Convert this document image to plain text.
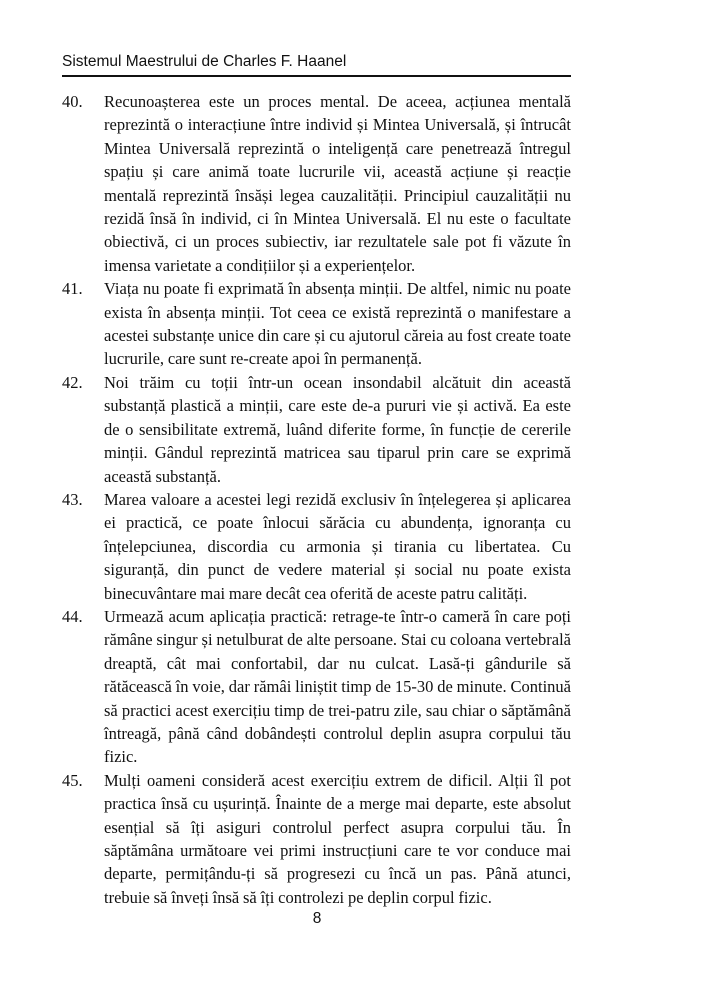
Sistemul Maestrului de Charles F. Haanel
40.	Recunoașterea este un proces mental. De aceea, acțiunea mentală reprezintă o interacțiune între individ și Mintea Universală, și întrucât Mintea Universală reprezintă o inteligență care penetrează întregul spațiu și care animă toate lucrurile vii, această acțiune și reacție mentală reprezintă însăși legea cauzalității. Principiul cauzalității nu rezidă însă în individ, ci în Mintea Universală. El nu este o facultate obiectivă, ci un proces subiectiv, iar rezultatele sale pot fi văzute în imensa varietate a condițiilor și a experiențelor.
41.	Viața nu poate fi exprimată în absența minții. De altfel, nimic nu poate exista în absența minții. Tot ceea ce există reprezintă o manifestare a acestei substanțe unice din care și cu ajutorul căreia au fost create toate lucrurile, care sunt re-create apoi în permanență.
42.	Noi trăim cu toții într-un ocean insondabil alcătuit din această substanță plastică a minții, care este de-a pururi vie și activă. Ea este de o sensibilitate extremă, luând diferite forme, în funcție de cererile minții. Gândul reprezintă matricea sau tiparul prin care se exprimă această substanță.
43.	Marea valoare a acestei legi rezidă exclusiv în înțelegerea și aplicarea ei practică, ce poate înlocui sărăcia cu abundența, ignoranța cu înțelepciunea, discordia cu armonia și tirania cu libertatea. Cu siguranță, din punct de vedere material și social nu poate exista binecuvântare mai mare decât cea oferită de aceste patru calități.
44.	Urmează acum aplicația practică: retrage-te într-o cameră în care poți rămâne singur și netulburat de alte persoane. Stai cu coloana vertebrală dreaptă, cât mai confortabil, dar nu culcat. Lasă-ți gândurile să rătăcească în voie, dar rămâi liniștit timp de 15-30 de minute. Continuă să practici acest exercițiu timp de trei-patru zile, sau chiar o săptămână întreagă, până când dobândești controlul deplin asupra corpului tău fizic.
45.	Mulți oameni consideră acest exercițiu extrem de dificil. Alții îl pot practica însă cu ușurință. Înainte de a merge mai departe, este absolut esențial să îți asiguri controlul perfect asupra corpului tău. În săptămâna următoare vei primi instrucțiuni care te vor conduce mai departe, permițându-ți să progresezi cu încă un pas. Până atunci, trebuie să înveți însă să îți controlezi pe deplin corpul fizic.
8
